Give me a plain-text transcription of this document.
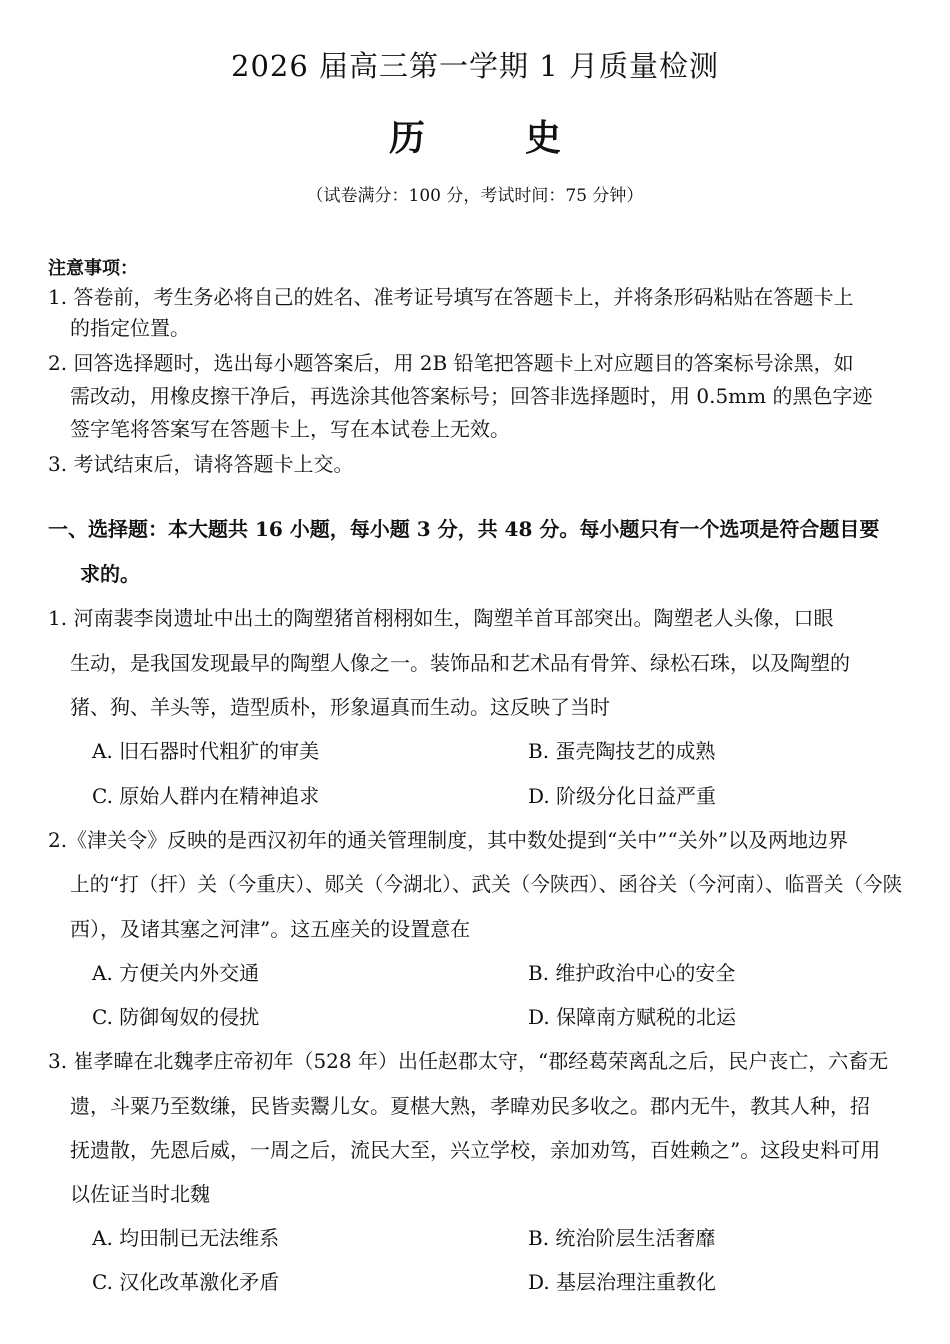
2026 届高三第一学期 1 月质量检测
历	史
（试卷满分：100 分，考试时间：75 分钟）
注意事项：
1. 答卷前，考生务必将自己的姓名、准考证号填写在答题卡上，并将条形码粘贴在答题卡上
的指定位置。
2. 回答选择题时，选出每小题答案后，用 2B 铅笔把答题卡上对应题目的答案标号涂黑，如
需改动，用橡皮擦干净后，再选涂其他答案标号；回答非选择题时，用 0.5mm 的黑色字迹
签字笔将答案写在答题卡上，写在本试卷上无效。
3. 考试结束后，请将答题卡上交。
一、选择题：本大题共 16 小题，每小题 3 分，共 48 分。每小题只有一个选项是符合题目要
求的。
1. 河南裴李岗遗址中出土的陶塑猪首栩栩如生，陶塑羊首耳部突出。陶塑老人头像，口眼
生动，是我国发现最早的陶塑人像之一。装饰品和艺术品有骨笄、绿松石珠，以及陶塑的
猪、狗、羊头等，造型质朴，形象逼真而生动。这反映了当时
A. 旧石器时代粗犷的审美	B. 蛋壳陶技艺的成熟
C. 原始人群内在精神追求	D. 阶级分化日益严重
2.《津关令》反映的是西汉初年的通关管理制度，其中数处提到“关中”“关外”以及两地边界
上的“打（扞）关（今重庆）、郧关（今湖北）、武关（今陕西）、函谷关（今河南）、临晋关（今陕
西），及诸其塞之河津”。这五座关的设置意在
A. 方便关内外交通	B. 维护政治中心的安全
C. 防御匈奴的侵扰	D. 保障南方赋税的北运
3. 崔孝暐在北魏孝庄帝初年（528 年）出任赵郡太守，“郡经葛荣离乱之后，民户丧亡，六畜无
遗，斗粟乃至数缣，民皆卖鬻儿女。夏椹大熟，孝暐劝民多收之。郡内无牛，教其人种，招
抚遗散，先恩后威，一周之后，流民大至，兴立学校，亲加劝笃，百姓赖之”。这段史料可用
以佐证当时北魏
A. 均田制已无法维系	B. 统治阶层生活奢靡
C. 汉化改革激化矛盾	D. 基层治理注重教化
